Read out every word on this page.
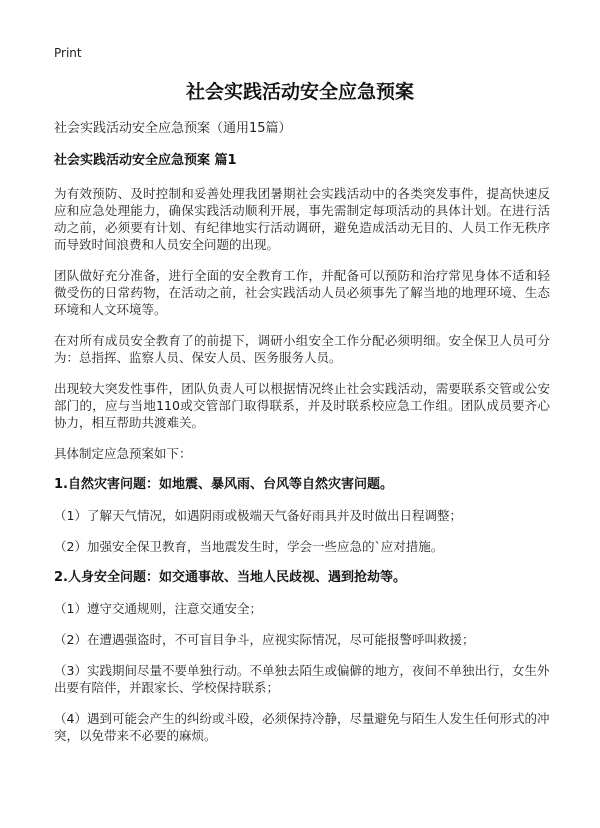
Print
社会实践活动安全应急预案
社会实践活动安全应急预案（通用15篇）
社会实践活动安全应急预案 篇1

为有效预防、及时控制和妥善处理我团暑期社会实践活动中的各类突发事件，提高快速反应和应急处理能力，确保实践活动顺利开展，事先需制定每项活动的具体计划。在进行活动之前，必须要有计划、有纪律地实行活动调研，避免造成活动无目的、人员工作无秩序而导致时间浪费和人员安全问题的出现。

团队做好充分准备，进行全面的安全教育工作，并配备可以预防和治疗常见身体不适和轻微受伤的日常药物，在活动之前，社会实践活动人员必须事先了解当地的地理环境、生态环境和人文环境等。

在对所有成员安全教育了的前提下，调研小组安全工作分配必须明细。安全保卫人员可分为：总指挥、监察人员、保安人员、医务服务人员。

出现较大突发性事件，团队负责人可以根据情况终止社会实践活动，需要联系交管或公安部门的，应与当地110或交管部门取得联系，并及时联系校应急工作组。团队成员要齐心协力，相互帮助共渡难关。

具体制定应急预案如下：

1.自然灾害问题：如地震、暴风雨、台风等自然灾害问题。
（1）了解天气情况，如遇阴雨或极端天气备好雨具并及时做出日程调整；
（2）加强安全保卫教育，当地震发生时，学会一些应急的`应对措施。
2.人身安全问题：如交通事故、当地人民歧视、遇到抢劫等。
（1）遵守交通规则，注意交通安全；
（2）在遭遇强盗时，不可盲目争斗，应视实际情况，尽可能报警呼叫救援；
（3）实践期间尽量不要单独行动。不单独去陌生或偏僻的地方，夜间不单独出行，女生外出要有陪伴，并跟家长、学校保持联系；
（4）遇到可能会产生的纠纷或斗殴，必须保持冷静，尽量避免与陌生人发生任何形式的冲突，以免带来不必要的麻烦。
